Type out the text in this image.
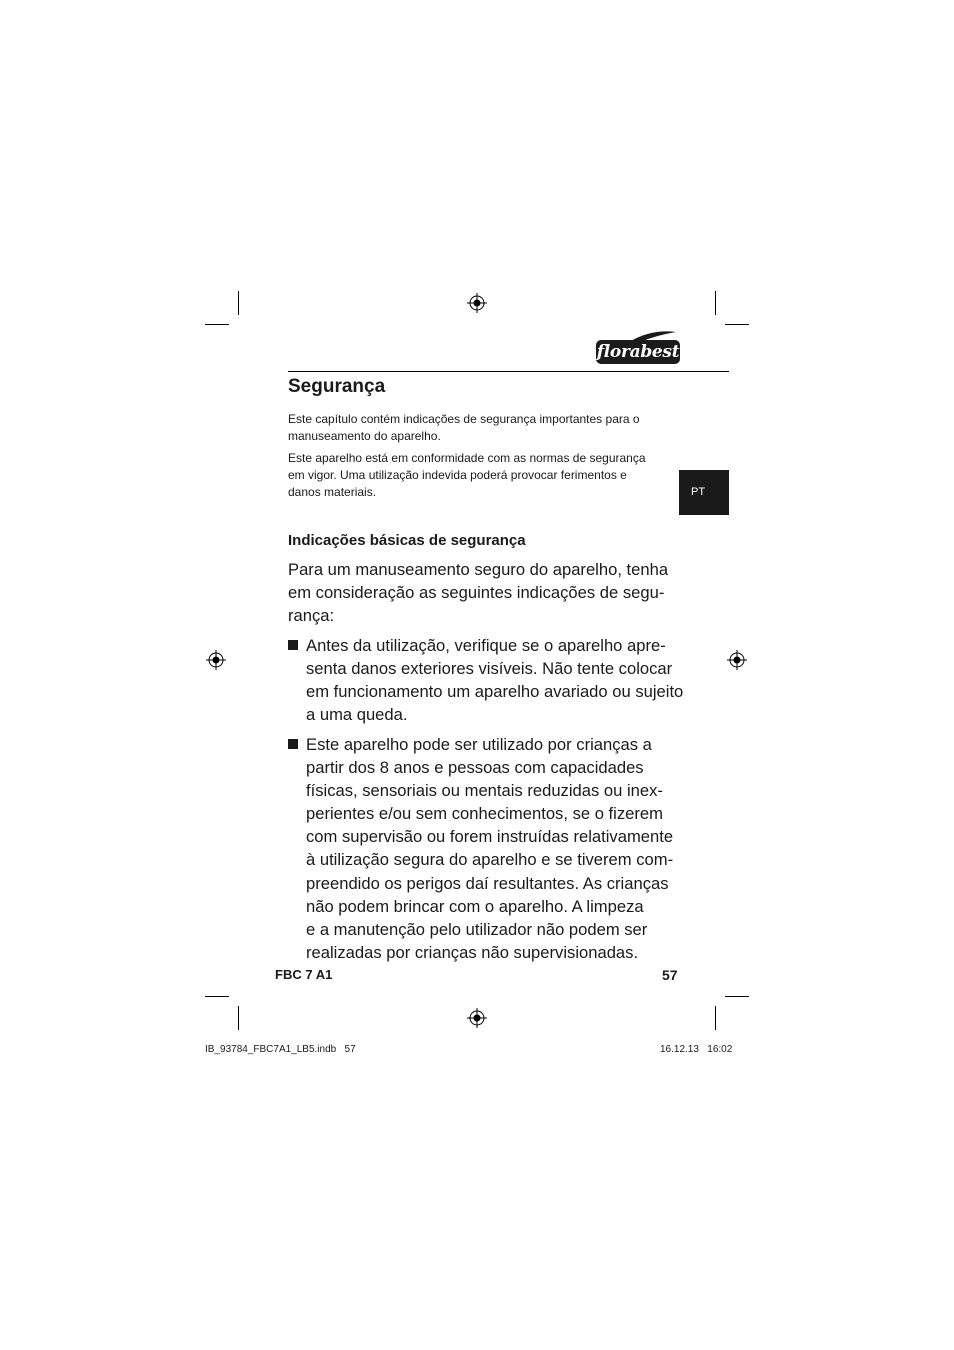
florabest
Segurança

Este capítulo contém indicações de segurança importantes para o
manuseamento do aparelho.

Este aparelho está em conformidade com as normas de segurança
em vigor. Uma utilização indevida poderá provocar ferimentos e
danos materiais.	PT
Indicações básicas de segurança

Para um manuseamento seguro do aparelho, tenha
em consideração as seguintes indicações de segu-
rança:

Antes da utilização, verifique se o aparelho apre-
senta danos exteriores visíveis. Não tente colocar
em funcionamento um aparelho avariado ou sujeito
a uma queda.

Este aparelho pode ser utilizado por crianças a
partir dos 8 anos e pessoas com capacidades
físicas, sensoriais ou mentais reduzidas ou inex-
perientes e/ou sem conhecimentos, se o fizerem
com supervisão ou forem instruídas relativamente
à utilização segura do aparelho e se tiverem com-
preendido os perigos daí resultantes. As crianças
não podem brincar com o aparelho. A limpeza
e a manutenção pelo utilizador não podem ser
realizadas por crianças não supervisionadas.

FBC 7 A1	57
IB_93784_FBC7A1_LB5.indb   57	16.12.13   16:02
